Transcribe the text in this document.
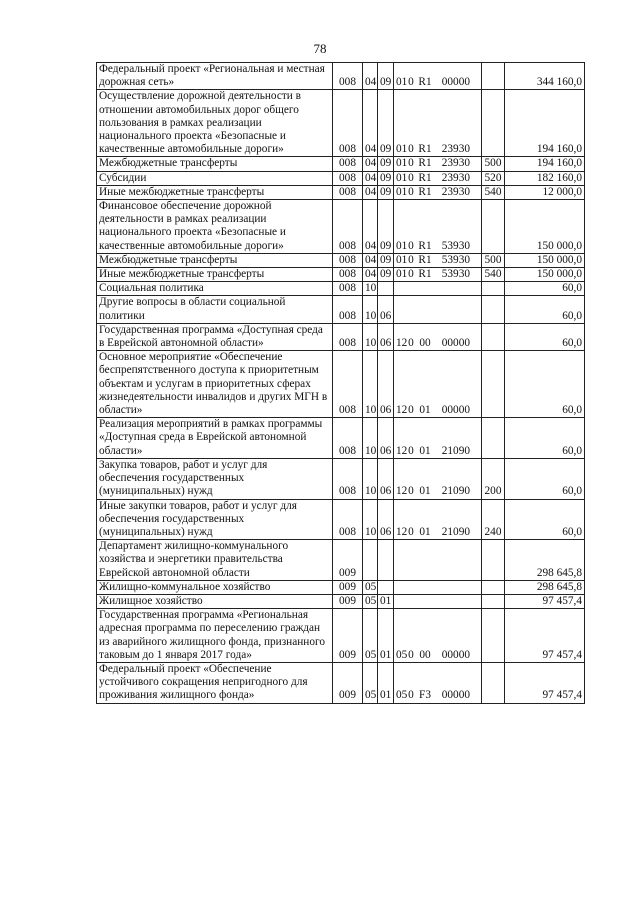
78
Федеральный проект «Региональная и местная дорожная сеть»	008	04	09	010 R1 00000		344 160,0
Осуществление дорожной деятельности в отношении автомобильных дорог общего пользования в рамках реализации национального проекта «Безопасные и качественные автомобильные дороги»	008	04	09	010 R1 23930		194 160,0
Межбюджетные трансферты	008	04	09	010 R1 23930	500	194 160,0
Субсидии	008	04	09	010 R1 23930	520	182 160,0
Иные межбюджетные трансферты	008	04	09	010 R1 23930	540	12 000,0
Финансовое обеспечение дорожной деятельности в рамках реализации национального проекта «Безопасные и качественные автомобильные дороги»	008	04	09	010 R1 53930		150 000,0
Межбюджетные трансферты	008	04	09	010 R1 53930	500	150 000,0
Иные межбюджетные трансферты	008	04	09	010 R1 53930	540	150 000,0
Социальная политика	008	10				60,0
Другие вопросы в области социальной политики	008	10	06			60,0
Государственная программа «Доступная среда в Еврейской автономной области»	008	10	06	120 00 00000		60,0
Основное мероприятие «Обеспечение беспрепятственного доступа к приоритетным объектам и услугам в приоритетных сферах жизнедеятельности инвалидов и других МГН в области»	008	10	06	120 01 00000		60,0
Реализация мероприятий в рамках программы «Доступная среда в Еврейской автономной области»	008	10	06	120 01 21090		60,0
Закупка товаров, работ и услуг для обеспечения государственных (муниципальных) нужд	008	10	06	120 01 21090	200	60,0
Иные закупки товаров, работ и услуг для обеспечения государственных (муниципальных) нужд	008	10	06	120 01 21090	240	60,0
Департамент жилищно-коммунального хозяйства и энергетики правительства Еврейской автономной области	009					298 645,8
Жилищно-коммунальное хозяйство	009	05				298 645,8
Жилищное хозяйство	009	05	01			97 457,4
Государственная программа «Региональная адресная программа по переселению граждан из аварийного жилищного фонда, признанного таковым до 1 января 2017 года»	009	05	01	050 00 00000		97 457,4
Федеральный проект «Обеспечение устойчивого сокращения непригодного для проживания жилищного фонда»	009	05	01	050 F3 00000		97 457,4
